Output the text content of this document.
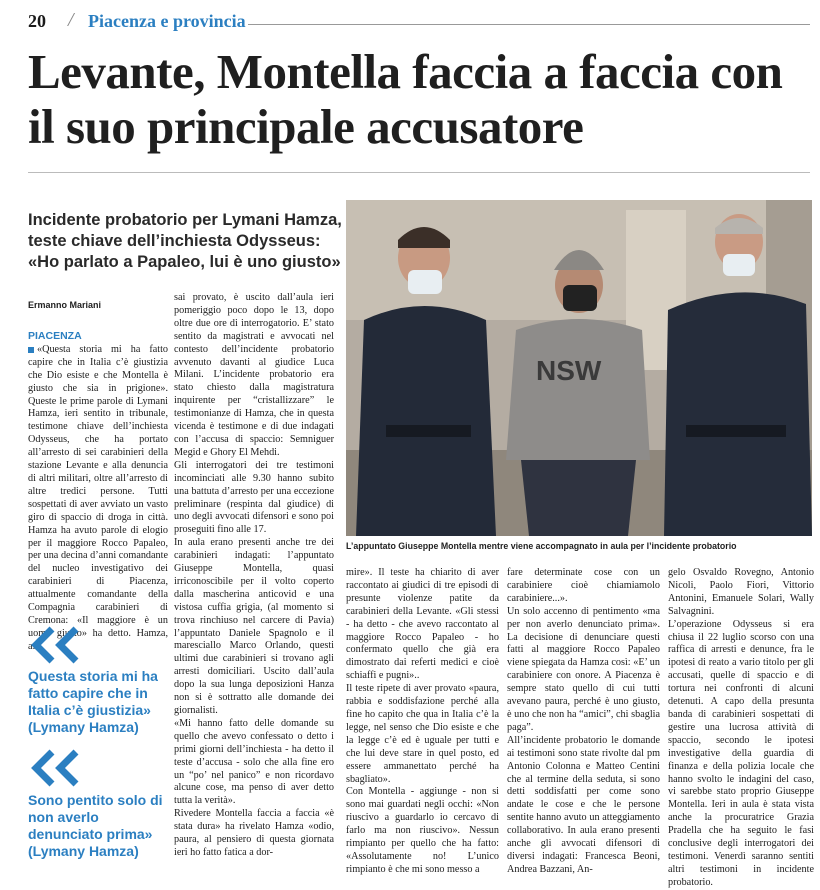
20 / Piacenza e provincia
Levante, Montella faccia a faccia con il suo principale accusatore
Incidente probatorio per Lymani Hamza, teste chiave dell’inchiesta Odysseus: «Ho parlato a Papaleo, lui è uno giusto»
Ermanno Mariani

PIACENZA

«Questa storia mi ha fatto capire che in Italia c’è giustizia che Dio esiste e che Montella è giusto che sia in prigione». Queste le prime parole di Lymani Hamza, ieri sentito in tribunale, testimone chiave dell’inchiesta Odysseus, che ha portato all’arresto di sei carabinieri della stazione Levante e alla denuncia di altri militari, oltre all’arresto di altre tredici persone. Tutti sospettati di aver avviato un vasto giro di spaccio di droga in città. Hamza ha avuto parole di elogio per il maggiore Rocco Papaleo, per una decina d’anni comandante del nucleo investigativo dei carabinieri di Piacenza, attualmente comandante della Compagnia carabinieri di Cremona: «Il maggiore è un uomo giusto» ha detto. Hamza, as-

Questa storia mi ha fatto capire che in Italia c’è giustizia» (Lymany Hamza)
Sono pentito solo di non averlo denunciato prima» (Lymany Hamza)

sai provato, è uscito dall’aula ieri pomeriggio poco dopo le 13, dopo oltre due ore di interrogatorio. E’ stato sentito da magistrati e avvocati nel contesto dell’incidente probatorio avvenuto davanti al giudice Luca Milani. L’incidente probatorio era stato chiesto dalla magistratura inquirente per “cristallizzare” le testimonianze di Hamza, che in questa vicenda è testimone e di due indagati con l’accusa di spaccio: Semniguer Megid e Ghory El Mehdi.

Gli interrogatori dei tre testimoni incominciati alle 9.30 hanno subito una battuta d’arresto per una eccezione preliminare (respinta dal giudice) di uno degli avvocati difensori e sono poi proseguiti fino alle 17.

In aula erano presenti anche tre dei carabinieri indagati: l’appuntato Giuseppe Montella, quasi irriconoscibile per il volto coperto dalla mascherina anticovid e una vistosa cuffia grigia, (al momento si trova rinchiuso nel carcere di Pavia) l’appuntato Daniele Spagnolo e il maresciallo Marco Orlando, questi ultimi due carabinieri si trovano agli arresti domiciliari. Uscito dall’aula dopo la sua lunga deposizioni Hanza non si è sottratto alle domande dei giornalisti.

«Mi hanno fatto delle domande su quello che avevo confessato o detto i primi giorni dell’inchiesta - ha detto il teste d’accusa - solo che alla fine ero un “po’ nel panico” e non ricordavo alcune cose, ma penso di aver detto tutta la verità».

Rivedere Montella faccia a faccia «è stata dura» ha rivelato Hamza «odio, paura, al pensiero di questa giornata ieri ho fatto fatica a dor-

NSW
L’appuntato Giuseppe Montella mentre viene accompagnato in aula per l’incidente probatorio

mire». Il teste ha chiarito di aver raccontato ai giudici di tre episodi di presunte violenze patite da carabinieri della Levante. «Gli stessi - ha detto - che avevo raccontato al maggiore Rocco Papaleo - ho confermato quello che già era dimostrato dai referti medici e cioè schiaffi e pugni»..

Il teste ripete di aver provato «paura, rabbia e soddisfazione perché alla fine ho capito che qua in Italia c’è la legge, nel senso che Dio esiste e che la legge c’è ed è uguale per tutti e che lui deve stare in quel posto, ed essere ammanettato perché ha sbagliato».

Con Montella - aggiunge - non si sono mai guardati negli occhi: «Non riuscivo a guardarlo io cercavo di farlo ma non riuscivo». Nessun rimpianto per quello che ha fatto: «Assolutamente no! L’unico rimpianto è che mi sono messo a

fare determinate cose con un carabiniere cioè chiamiamolo carabiniere...».

Un solo accenno di pentimento «ma per non averlo denunciato prima». La decisione di denunciare questi fatti al maggiore Rocco Papaleo viene spiegata da Hamza così: «E’ un carabiniere con onore. A Piacenza è sempre stato quello di cui tutti avevano paura, perché è uno giusto, è uno che non ha “amici”, chi sbaglia paga”.

All’incidente probatorio le domande ai testimoni sono state rivolte dal pm Antonio Colonna e Matteo Centini che al termine della seduta, si sono detti soddisfatti per come sono andate le cose e che le persone sentite hanno avuto un atteggiamento collaborativo. In aula erano presenti anche gli avvocati difensori di diversi indagati: Francesca Beoni, Andrea Bazzani, An-

gelo Osvaldo Rovegno, Antonio Nicoli, Paolo Fiori, Vittorio Antonini, Emanuele Solari, Wally Salvagnini.

L’operazione Odysseus si era chiusa il 22 luglio scorso con una raffica di arresti e denunce, fra le ipotesi di reato a vario titolo per gli accusati, quelle di spaccio e di tortura nei confronti di alcuni detenuti. A capo della presunta banda di carabinieri sospettati di gestire una lucrosa attività di spaccio, secondo le ipotesi investigative della guardia di finanza e della polizia locale che hanno svolto le indagini del caso, vi sarebbe stato proprio Giuseppe Montella. Ieri in aula è stata vista anche la procuratrice Grazia Pradella che ha seguito le fasi conclusive degli interrogatori dei testimoni. Venerdì saranno sentiti altri testimoni in incidente probatorio.
